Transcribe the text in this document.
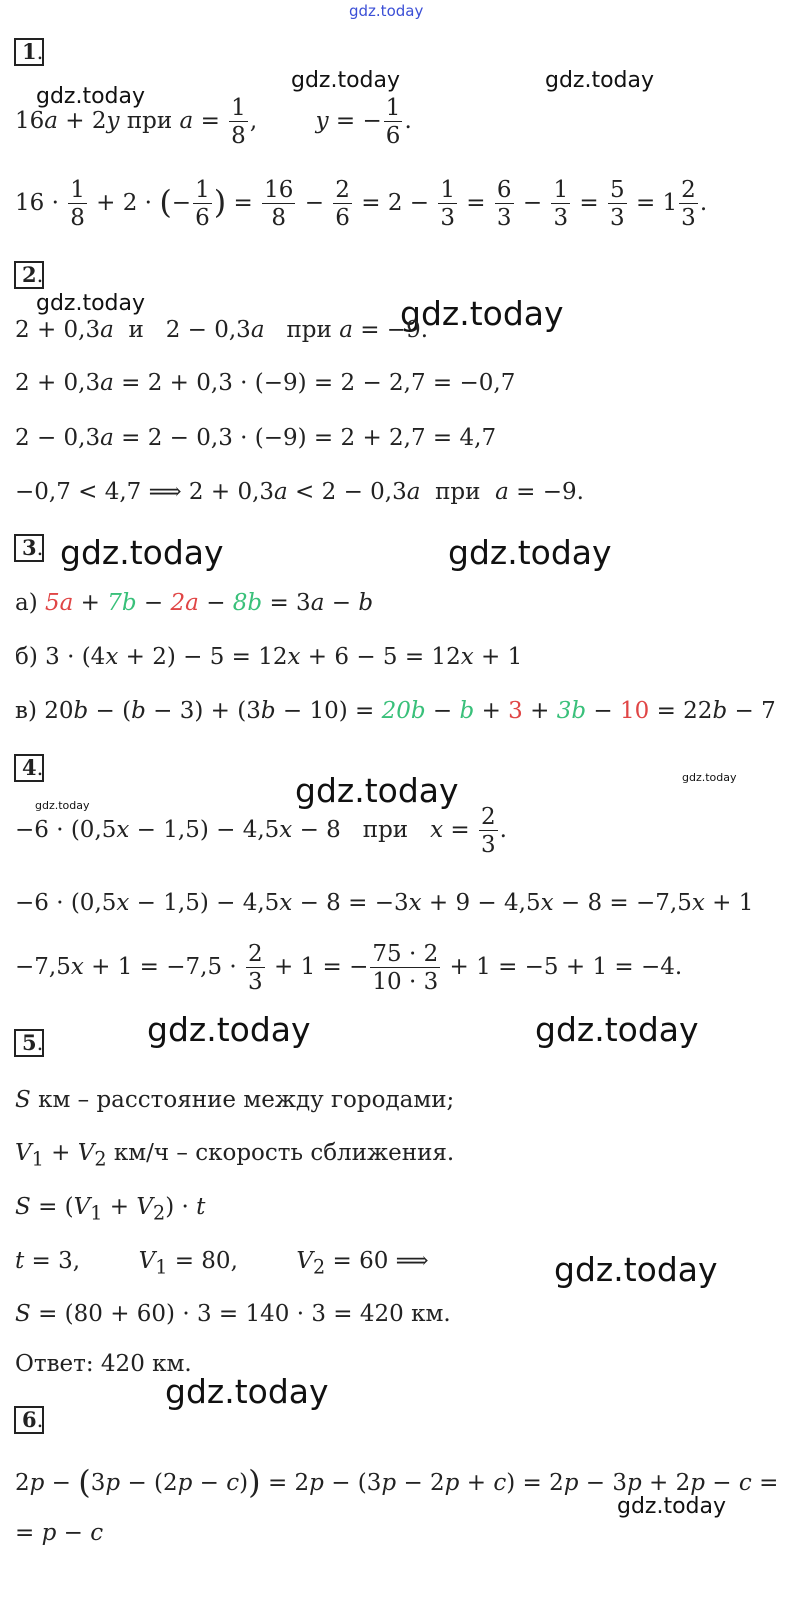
gdz.today
1.
gdz.today
gdz.today	gdz.today
16a + 2y при $a = \frac{1}{8}$ ,        y = − $\frac{1}{6}$ .
$16 \cdot \frac{1}{8} + 2$ · (− $\frac{1}{6}$ ) = $\frac{16}{8} - \frac{2}{6} = 2 - \frac{1}{3} = \frac{6}{3} - \frac{1}{3} = \frac{5}{3} = 1 \frac{2}{3}$ .
2.
gdz.today	gdz.today
2 + 0,3a  и   2 − 0,3a   при a = −9.
2 + 0,3a = 2 + 0,3 · (−9) = 2 − 2,7 = −0,7
2 − 0,3a = 2 − 0,3 · (−9) = 2 + 2,7 = 4,7
−0,7 < 4,7 ⟹ 2 + 0,3a < 2 − 0,3a  при  a = −9.
3. gdz.today	gdz.today
а) 5a + 7b − 2a − 8b = 3a − b
б) 3 · (4x + 2) − 5 = 12x + 6 − 5 = 12x + 1
в) 20b − (b − 3) + (3b − 10) = 20b − b + 3 + 3b − 10 = 22b − 7
4.
gdz.today	gdz.today
gdz.today
−6 · (0,5x − 1,5) − 4,5x − 8   при   $x = \frac{2}{3}$ .
−6 · (0,5x − 1,5) − 4,5x − 8 = −3x + 9 − 4,5x − 8 = −7,5x + 1
$-7,5x + 1 = -7,5 \cdot \frac{2}{3} + 1$ = − $\frac{75 \cdot 2}{10 \cdot 3} + 1 = -5 + 1 = -4$.
5.	gdz.today	gdz.today
S км – расстояние между городами;
$V_1 + V_2$ км/ч – скорость сближения.
$S = (V_1 + V_2) \cdot t$
t = 3,        $V_1 = 80$,        $V_2 = 60$ ⟹	gdz.today
S = (80 + 60) · 3 = 140 · 3 = 420 км.
Ответ: 420 км.
gdz.today
6.
2p − (3p − (2p − c)) = 2p − (3p − 2p + c) = 2p − 3p + 2p − c =
gdz.today
= p − c
